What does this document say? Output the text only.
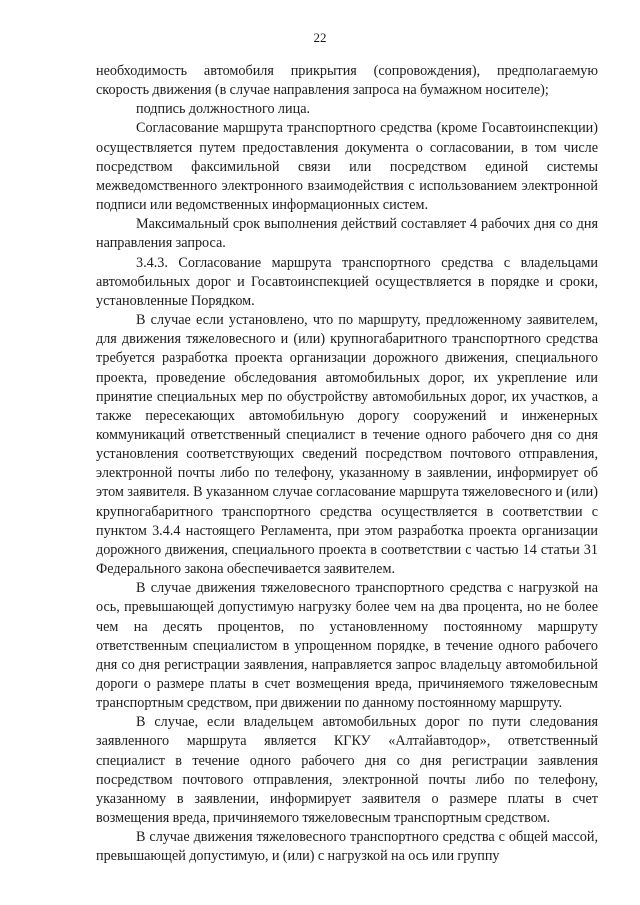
22

необходимость автомобиля прикрытия (сопровождения), предполагаемую скорость движения (в случае направления запроса на бумажном носителе);

подпись должностного лица.

Согласование маршрута транспортного средства (кроме Госавтоинспекции) осуществляется путем предоставления документа о согласовании, в том числе посредством факсимильной связи или посредством единой системы межведомственного электронного взаимодействия с использованием электронной подписи или ведомственных информационных систем.

Максимальный срок выполнения действий составляет 4 рабочих дня со дня направления запроса.

3.4.3. Согласование маршрута транспортного средства с владельцами автомобильных дорог и Госавтоинспекцией осуществляется в порядке и сроки, установленные Порядком.

В случае если установлено, что по маршруту, предложенному заявителем, для движения тяжеловесного и (или) крупногабаритного транспортного средства требуется разработка проекта организации дорожного движения, специального проекта, проведение обследования автомобильных дорог, их укрепление или принятие специальных мер по обустройству автомобильных дорог, их участков, а также пересекающих автомобильную дорогу сооружений и инженерных коммуникаций ответственный специалист в течение одного рабочего дня со дня установления соответствующих сведений посредством почтового отправления, электронной почты либо по телефону, указанному в заявлении, информирует об этом заявителя. В указанном случае согласование маршрута тяжеловесного и (или) крупногабаритного транспортного средства осуществляется в соответствии с пунктом 3.4.4 настоящего Регламента, при этом разработка проекта организации дорожного движения, специального проекта в соответствии с частью 14 статьи 31 Федерального закона обеспечивается заявителем.

В случае движения тяжеловесного транспортного средства с нагрузкой на ось, превышающей допустимую нагрузку более чем на два процента, но не более чем на десять процентов, по установленному постоянному маршруту ответственным специалистом в упрощенном порядке, в течение одного рабочего дня со дня регистрации заявления, направляется запрос владельцу автомобильной дороги о размере платы в счет возмещения вреда, причиняемого тяжеловесным транспортным средством, при движении по данному постоянному маршруту.

В случае, если владельцем автомобильных дорог по пути следования заявленного маршрута является КГКУ «Алтайавтодор», ответственный специалист в течение одного рабочего дня со дня регистрации заявления посредством почтового отправления, электронной почты либо по телефону, указанному в заявлении, информирует заявителя о размере платы в счет возмещения вреда, причиняемого тяжеловесным транспортным средством.

В случае движения тяжеловесного транспортного средства с общей массой, превышающей допустимую, и (или) с нагрузкой на ось или группу
